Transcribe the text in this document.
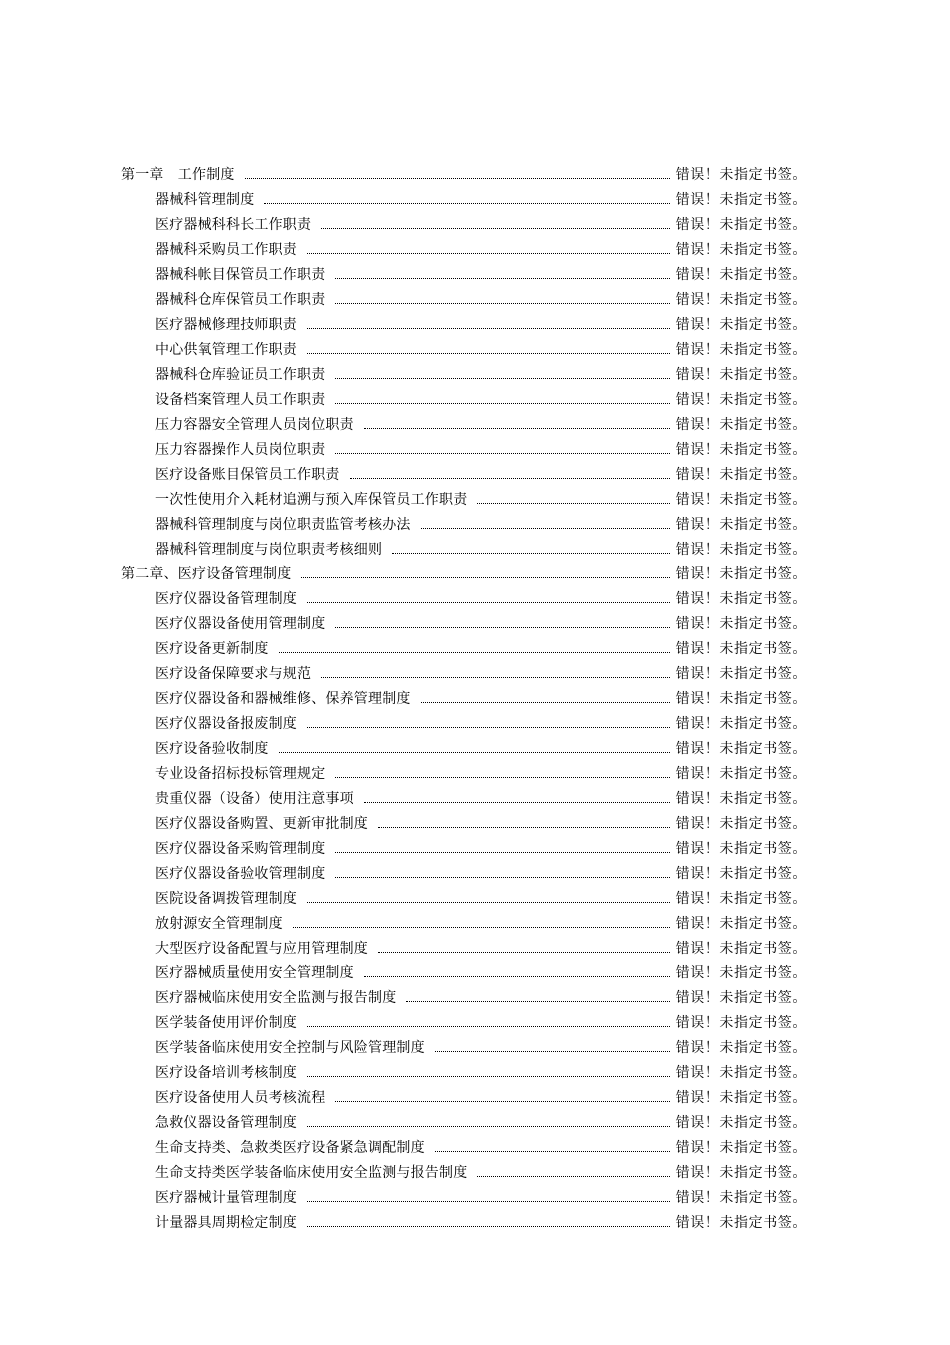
第一章　工作制度	错误！未指定书签。
器械科管理制度	错误！未指定书签。
医疗器械科科长工作职责	错误！未指定书签。
器械科采购员工作职责	错误！未指定书签。
器械科帐目保管员工作职责	错误！未指定书签。
器械科仓库保管员工作职责	错误！未指定书签。
医疗器械修理技师职责	错误！未指定书签。
中心供氧管理工作职责	错误！未指定书签。
器械科仓库验证员工作职责	错误！未指定书签。
设备档案管理人员工作职责	错误！未指定书签。
压力容器安全管理人员岗位职责	错误！未指定书签。
压力容器操作人员岗位职责	错误！未指定书签。
医疗设备账目保管员工作职责	错误！未指定书签。
一次性使用介入耗材追溯与预入库保管员工作职责	错误！未指定书签。
器械科管理制度与岗位职责监管考核办法	错误！未指定书签。
器械科管理制度与岗位职责考核细则	错误！未指定书签。
第二章、医疗设备管理制度	错误！未指定书签。
医疗仪器设备管理制度	错误！未指定书签。
医疗仪器设备使用管理制度	错误！未指定书签。
医疗设备更新制度	错误！未指定书签。
医疗设备保障要求与规范	错误！未指定书签。
医疗仪器设备和器械维修、保养管理制度	错误！未指定书签。
医疗仪器设备报废制度	错误！未指定书签。
医疗设备验收制度	错误！未指定书签。
专业设备招标投标管理规定	错误！未指定书签。
贵重仪器（设备）使用注意事项	错误！未指定书签。
医疗仪器设备购置、更新审批制度	错误！未指定书签。
医疗仪器设备采购管理制度	错误！未指定书签。
医疗仪器设备验收管理制度	错误！未指定书签。
医院设备调拨管理制度	错误！未指定书签。
放射源安全管理制度	错误！未指定书签。
大型医疗设备配置与应用管理制度	错误！未指定书签。
医疗器械质量使用安全管理制度	错误！未指定书签。
医疗器械临床使用安全监测与报告制度	错误！未指定书签。
医学装备使用评价制度	错误！未指定书签。
医学装备临床使用安全控制与风险管理制度	错误！未指定书签。
医疗设备培训考核制度	错误！未指定书签。
医疗设备使用人员考核流程	错误！未指定书签。
急救仪器设备管理制度	错误！未指定书签。
生命支持类、急救类医疗设备紧急调配制度	错误！未指定书签。
生命支持类医学装备临床使用安全监测与报告制度	错误！未指定书签。
医疗器械计量管理制度	错误！未指定书签。
计量器具周期检定制度	错误！未指定书签。
